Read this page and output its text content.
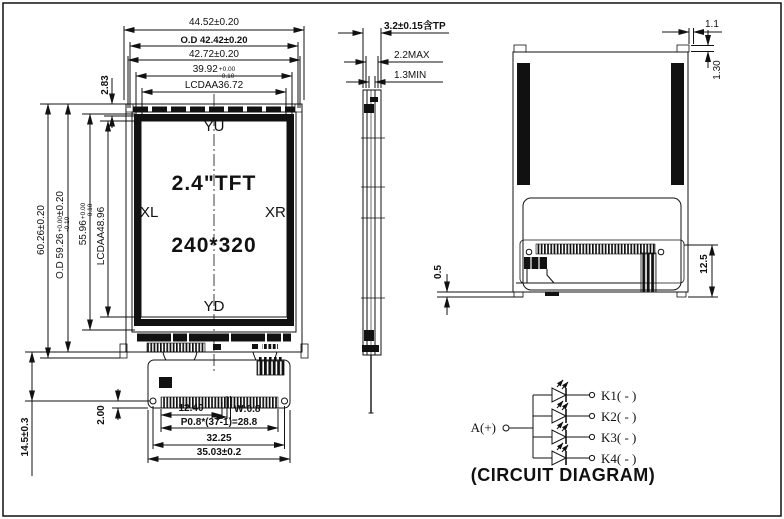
44.52±0.20
O.D 42.42±0.20
42.72±0.20
39.92 +0.00
-0.10
LCDAA36.72
60.26±0.20
O.D 59.26
+0.00 -0.10
±0.20
55.96
+0.00 -0.10 LCDAA48.96
2.83
YU
XL	XR
YD
2.4"TFT
240*320
12.40	W:0.8
P0.8*(37-1)=28.8
32.25
35.03±0.2
2.00
14.5±0.3
3.2±0.15含TP
2.2MAX
1.3MIN
1.1
1.30
12.5
0.5
A(+)
K1( - )
K2( - )
K3( - )
K4( - )
(CIRCUIT DIAGRAM)
